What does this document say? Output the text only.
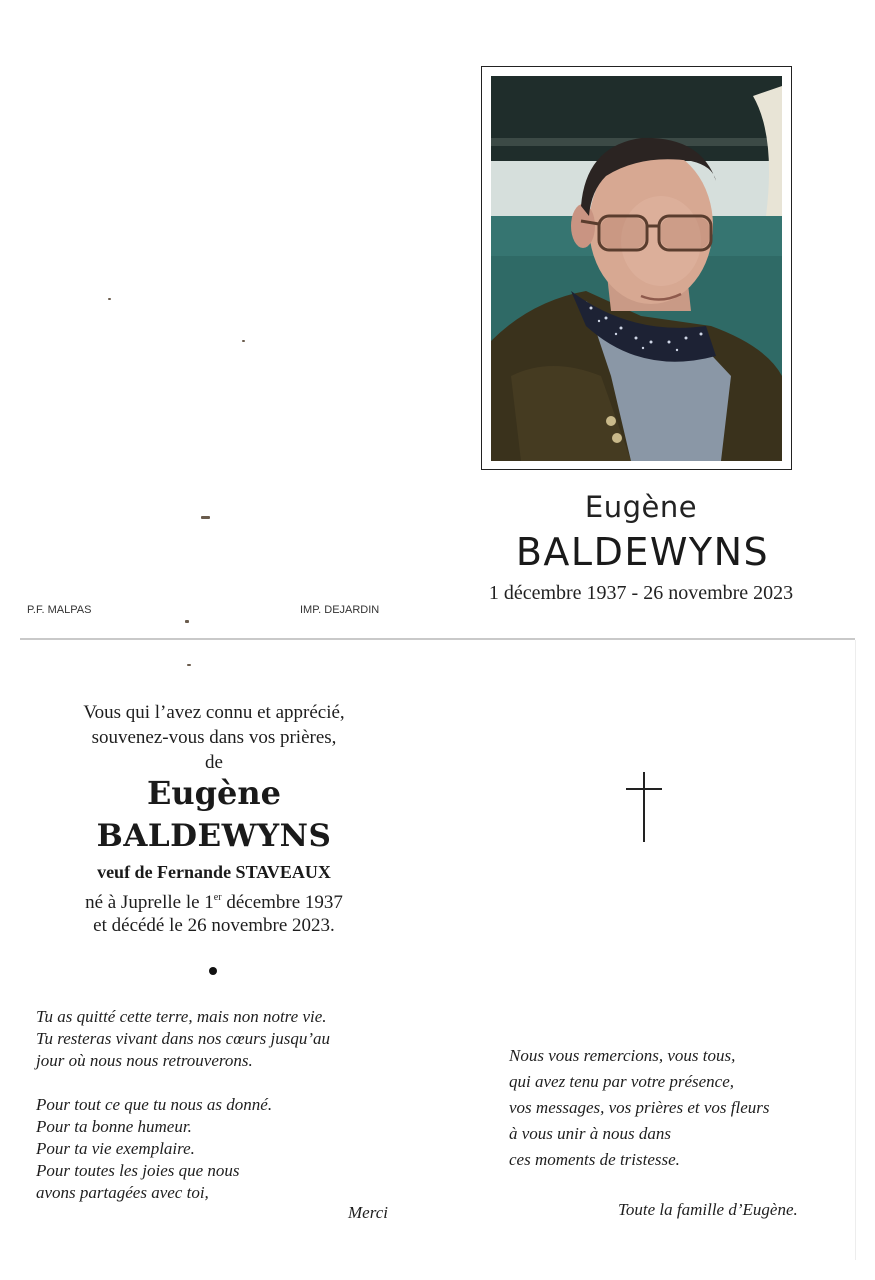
Eugène
BALDEWYNS
1 décembre 1937 - 26 novembre 2023
P.F. MALPAS	IMP. DEJARDIN
Vous qui l’avez connu et apprécié,
souvenez-vous dans vos prières,
de
Eugène
BALDEWYNS
veuf de Fernande STAVEAUX
né à Juprelle le 1er décembre 1937
et décédé le 26 novembre 2023.
Tu as quitté cette terre, mais non notre vie.
Tu resteras vivant dans nos cœurs jusqu’au
jour où nous nous retrouverons.
Pour tout ce que tu nous as donné.
Pour ta bonne humeur.
Pour ta vie exemplaire.
Pour toutes les joies que nous
avons partagées avec toi,
Merci
Nous vous remercions, vous tous,
qui avez tenu par votre présence,
vos messages, vos prières et vos fleurs
à vous unir à nous dans
ces moments de tristesse.
Toute la famille d’Eugène.
